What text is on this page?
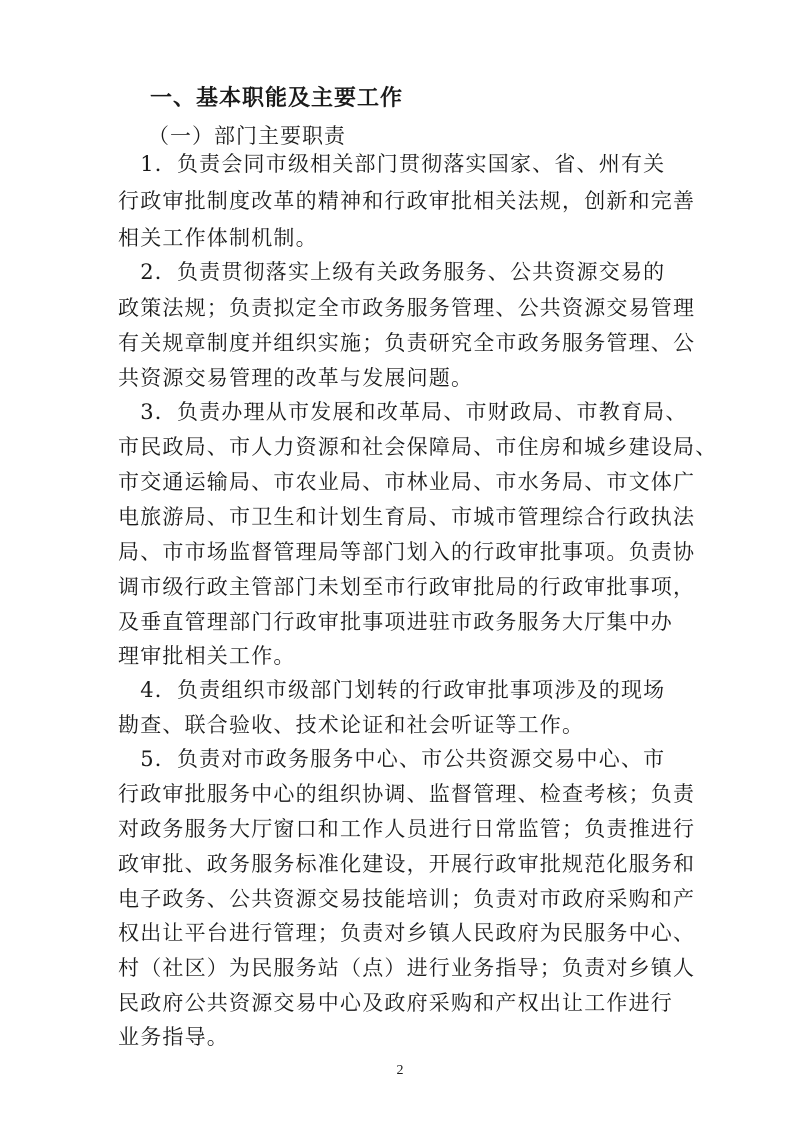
一、基本职能及主要工作
（一）部门主要职责
　1．负责会同市级相关部门贯彻落实国家、省、州有关
行政审批制度改革的精神和行政审批相关法规，创新和完善
相关工作体制机制。
　2．负责贯彻落实上级有关政务服务、公共资源交易的
政策法规；负责拟定全市政务服务管理、公共资源交易管理
有关规章制度并组织实施；负责研究全市政务服务管理、公
共资源交易管理的改革与发展问题。
　3．负责办理从市发展和改革局、市财政局、市教育局、
市民政局、市人力资源和社会保障局、市住房和城乡建设局、
市交通运输局、市农业局、市林业局、市水务局、市文体广
电旅游局、市卫生和计划生育局、市城市管理综合行政执法
局、市市场监督管理局等部门划入的行政审批事项。负责协
调市级行政主管部门未划至市行政审批局的行政审批事项，
及垂直管理部门行政审批事项进驻市政务服务大厅集中办
理审批相关工作。
　4．负责组织市级部门划转的行政审批事项涉及的现场
勘查、联合验收、技术论证和社会听证等工作。
　5．负责对市政务服务中心、市公共资源交易中心、市
行政审批服务中心的组织协调、监督管理、检查考核；负责
对政务服务大厅窗口和工作人员进行日常监管；负责推进行
政审批、政务服务标准化建设，开展行政审批规范化服务和
电子政务、公共资源交易技能培训；负责对市政府采购和产
权出让平台进行管理；负责对乡镇人民政府为民服务中心、
村（社区）为民服务站（点）进行业务指导；负责对乡镇人
民政府公共资源交易中心及政府采购和产权出让工作进行
业务指导。
2
